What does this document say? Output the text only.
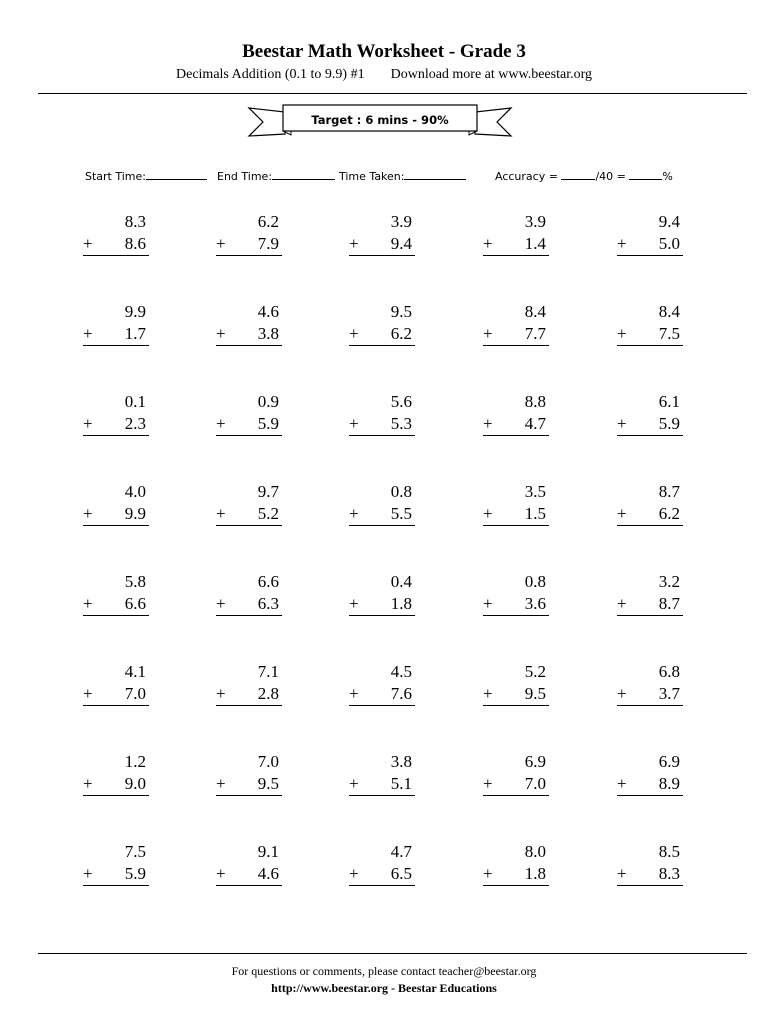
Beestar Math Worksheet - Grade 3
Decimals Addition (0.1 to 9.9) #1 Download more at www.beestar.org
Target : 6 mins - 90%
Start Time:	End Time:	Time Taken:	Accuracy =	/40 =	%
8.3
+ 8.6
6.2
+ 7.9
3.9
+ 9.4
3.9
+ 1.4
9.4
+ 5.0
9.9
+ 1.7
4.6
+ 3.8
9.5
+ 6.2
8.4
+ 7.7
8.4
+ 7.5
0.1
+ 2.3
0.9
+ 5.9
5.6
+ 5.3
8.8
+ 4.7
6.1
+ 5.9
4.0
+ 9.9
9.7
+ 5.2
0.8
+ 5.5
3.5
+ 1.5
8.7
+ 6.2
5.8
+ 6.6
6.6
+ 6.3
0.4
+ 1.8
0.8
+ 3.6
3.2
+ 8.7
4.1
+ 7.0
7.1
+ 2.8
4.5
+ 7.6
5.2
+ 9.5
6.8
+ 3.7
1.2
+ 9.0
7.0
+ 9.5
3.8
+ 5.1
6.9
+ 7.0
6.9
+ 8.9
7.5
+ 5.9
9.1
+ 4.6
4.7
+ 6.5
8.0
+ 1.8
8.5
+ 8.3
For questions or comments, please contact teacher@beestar.org
http://www.beestar.org - Beestar Educations
